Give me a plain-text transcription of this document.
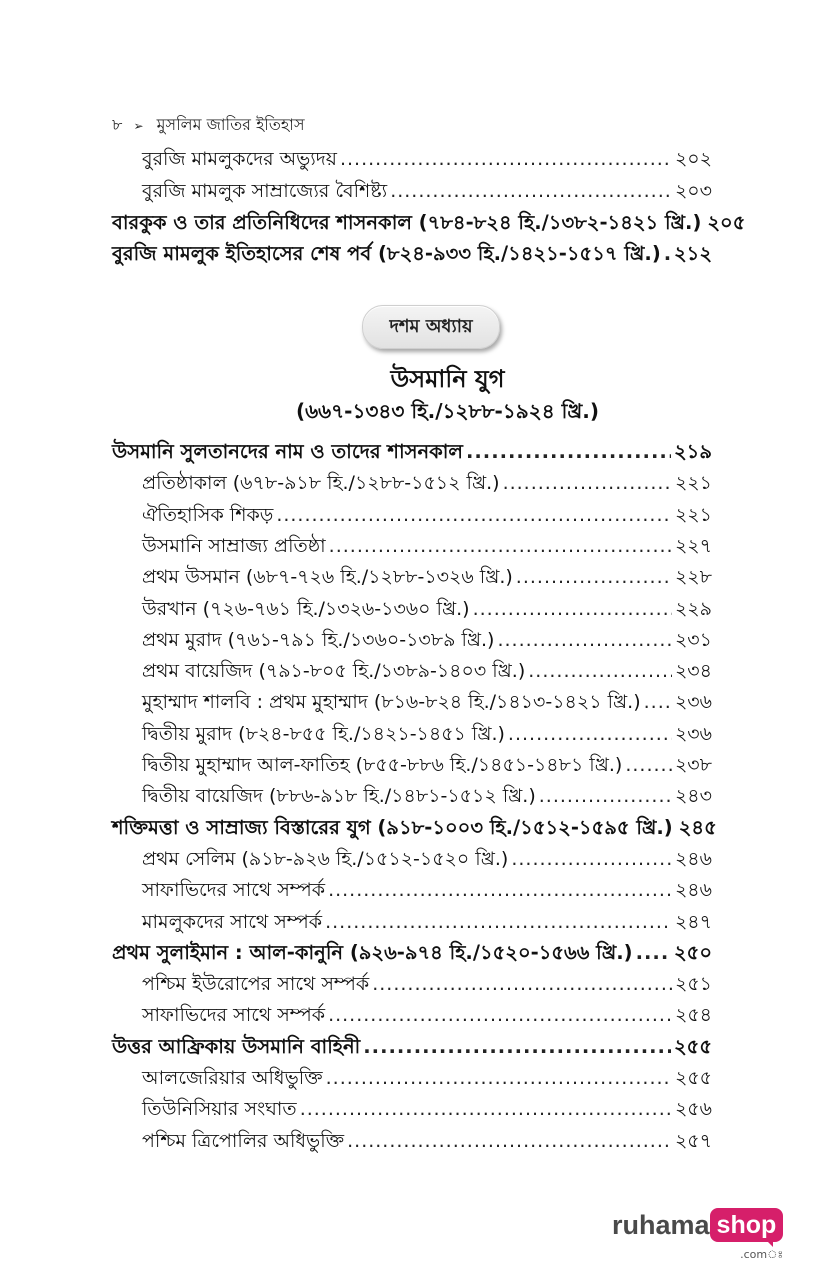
৮ ➢ মুসলিম জাতির ইতিহাস
বুরজি মামলুকদের অভ্যুদয় .....	২০২
বুরজি মামলুক সাম্রাজ্যের বৈশিষ্ট্য .....	২০৩
বারকুক ও তার প্রতিনিধিদের শাসনকাল (৭৮৪-৮২৪ হি./১৩৮২-১৪২১ খ্রি.) ২০৫
বুরজি মামলুক ইতিহাসের শেষ পর্ব (৮২৪-৯৩৩ হি./১৪২১-১৫১৭ খ্রি.) ..... ২১২
দশম অধ্যায়
উসমানি যুগ
(৬৬৭-১৩৪৩ হি./১২৮৮-১৯২৪ খ্রি.)
উসমানি সুলতানদের নাম ও তাদের শাসনকাল .....	২১৯
প্রতিষ্ঠাকাল (৬৭৮-৯১৮ হি./১২৮৮-১৫১২ খ্রি.) .....	২২১
ঐতিহাসিক শিকড় .....	২২১
উসমানি সাম্রাজ্য প্রতিষ্ঠা .....	২২৭
প্রথম উসমান (৬৮৭-৭২৬ হি./১২৮৮-১৩২৬ খ্রি.) .....	২২৮
উরখান (৭২৬-৭৬১ হি./১৩২৬-১৩৬০ খ্রি.) .....	২২৯
প্রথম মুরাদ (৭৬১-৭৯১ হি./১৩৬০-১৩৮৯ খ্রি.) .....	২৩১
প্রথম বায়েজিদ (৭৯১-৮০৫ হি./১৩৮৯-১৪০৩ খ্রি.) .....	২৩৪
মুহাম্মাদ শালবি : প্রথম মুহাম্মাদ (৮১৬-৮২৪ হি./১৪১৩-১৪২১ খ্রি.) ..... ২৩৬
দ্বিতীয় মুরাদ (৮২৪-৮৫৫ হি./১৪২১-১৪৫১ খ্রি.) .....	২৩৬
দ্বিতীয় মুহাম্মাদ আল-ফাতিহ (৮৫৫-৮৮৬ হি./১৪৫১-১৪৮১ খ্রি.) .....	২৩৮
দ্বিতীয় বায়েজিদ (৮৮৬-৯১৮ হি./১৪৮১-১৫১২ খ্রি.) .....	২৪৩
শক্তিমত্তা ও সাম্রাজ্য বিস্তারের যুগ (৯১৮-১০০৩ হি./১৫১২-১৫৯৫ খ্রি.) ২৪৫
প্রথম সেলিম (৯১৮-৯২৬ হি./১৫১২-১৫২০ খ্রি.) .....	২৪৬
সাফাভিদের সাথে সম্পর্ক .....	২৪৬
মামলুকদের সাথে সম্পর্ক .....	২৪৭
প্রথম সুলাইমান : আল-কানুনি (৯২৬-৯৭৪ হি./১৫২০-১৫৬৬ খ্রি.) ..... ২৫০
পশ্চিম ইউরোপের সাথে সম্পর্ক .....	২৫১
সাফাভিদের সাথে সম্পর্ক .....	২৫৪
উত্তর আফ্রিকায় উসমানি বাহিনী .....	২৫৫
আলজেরিয়ার অধিভুক্তি .....	২৫৫
তিউনিসিয়ার সংঘাত .....	২৫৬
পশ্চিম ত্রিপোলির অধিভুক্তি .....	২৫৭
ruhama shop
.comঃ
